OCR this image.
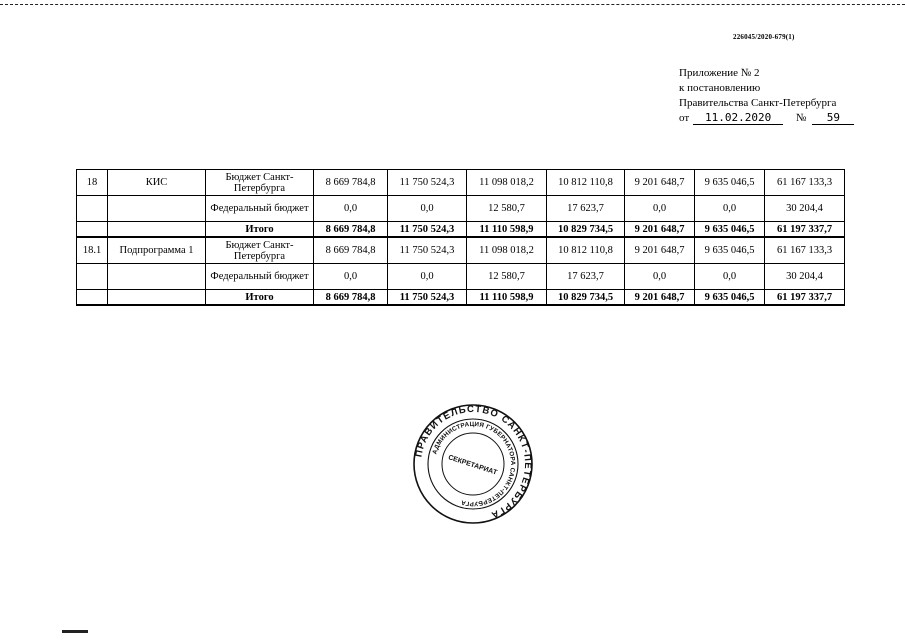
226045/2020-679(1)
Приложение № 2
к постановлению
Правительства Санкт-Петербурга
от 11.02.2020 № 59
18	КИС	Бюджет Санкт-Петербурга	8 669 784,8	11 750 524,3	11 098 018,2	10 812 110,8	9 201 648,7	9 635 046,5	61 167 133,3
		Федеральный бюджет	0,0	0,0	12 580,7	17 623,7	0,0	0,0	30 204,4
		Итого	8 669 784,8	11 750 524,3	11 110 598,9	10 829 734,5	9 201 648,7	9 635 046,5	61 197 337,7
18.1	Подпрограмма 1	Бюджет Санкт-Петербурга	8 669 784,8	11 750 524,3	11 098 018,2	10 812 110,8	9 201 648,7	9 635 046,5	61 167 133,3
		Федеральный бюджет	0,0	0,0	12 580,7	17 623,7	0,0	0,0	30 204,4
		Итого	8 669 784,8	11 750 524,3	11 110 598,9	10 829 734,5	9 201 648,7	9 635 046,5	61 197 337,7
ПРАВИТЕЛЬСТВО САНКТ-ПЕТЕРБУРГА
АДМИНИСТРАЦИЯ ГУБЕРНАТОРА САНКТ-ПЕТЕРБУРГА
СЕКРЕТАРИАТ
